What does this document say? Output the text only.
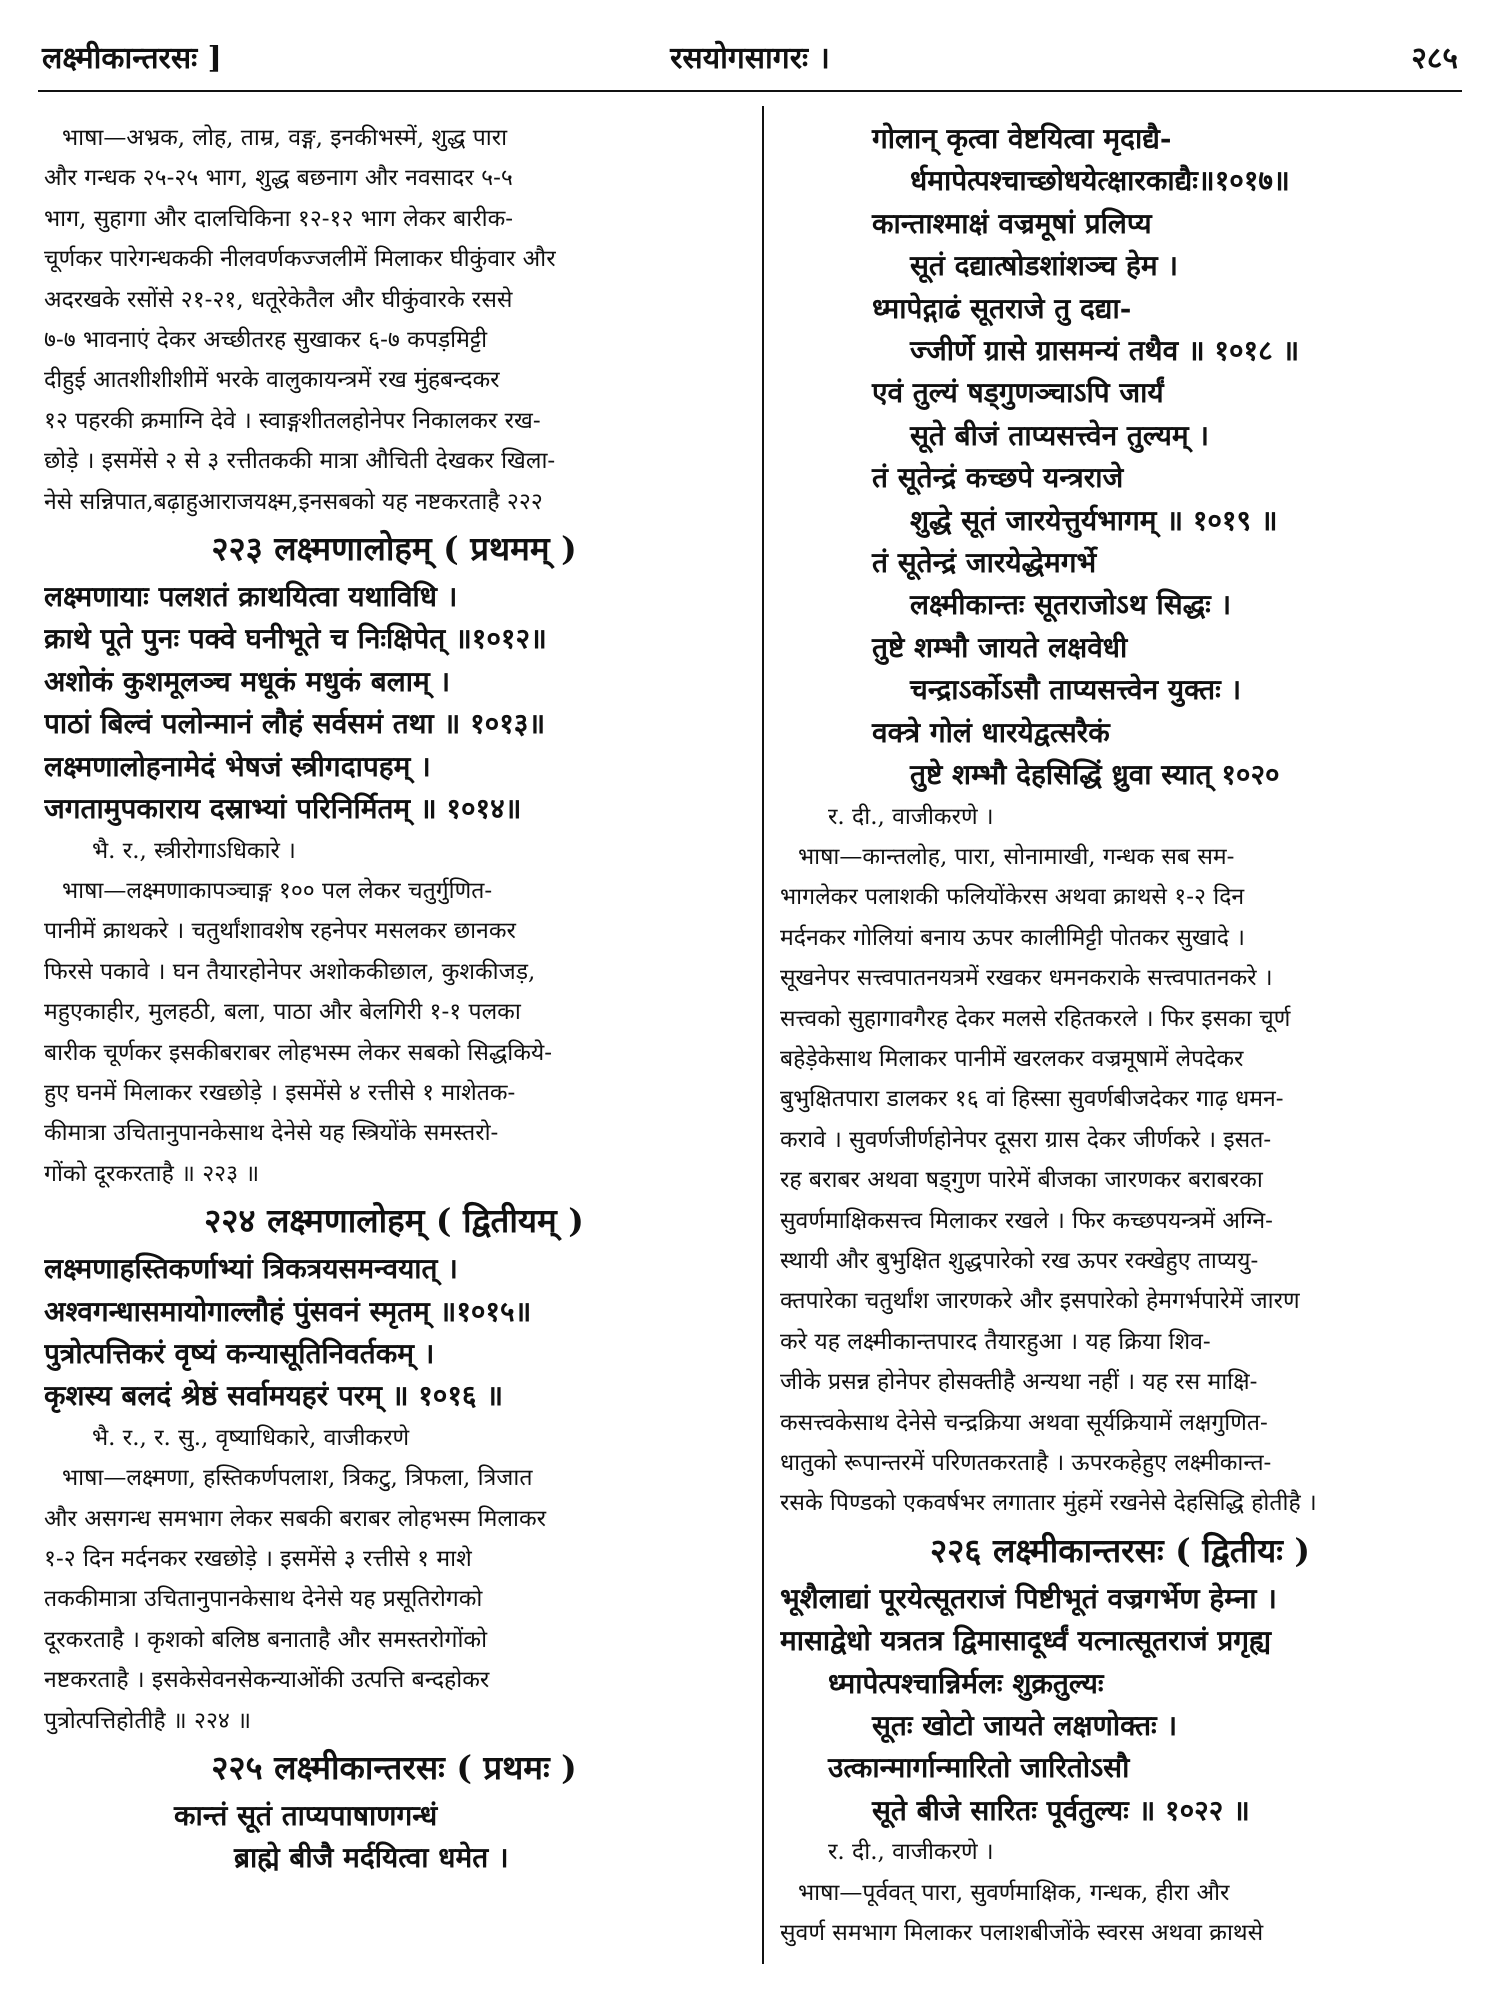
लक्ष्मीकान्तरसः ]	रसयोगसागरः ।	२८५
भाषा—अभ्रक, लोह, ताम्र, वङ्ग, इनकीभस्में, शुद्ध पारा
और गन्धक २५-२५ भाग, शुद्ध बछनाग और नवसादर ५-५
भाग, सुहागा और दालचिकिना १२-१२ भाग लेकर बारीक-
चूर्णकर पारेगन्धककी नीलवर्णकज्जलीमें मिलाकर घीकुंवार और
अदरखके रसोंसे २१-२१, धतूरेकेतैल और घीकुंवारके रससे
७-७ भावनाएं देकर अच्छीतरह सुखाकर ६-७ कपड़मिट्टी
दीहुई आतशीशीशीमें भरके वालुकायन्त्रमें रख मुंहबन्दकर
१२ पहरकी क्रमाग्नि देवे । स्वाङ्गशीतलहोनेपर निकालकर रख-
छोड़े । इसमेंसे २ से ३ रत्तीतककी मात्रा औचिती देखकर खिला-
नेसे सन्निपात,बढ़ाहुआराजयक्ष्म,इनसबको यह नष्टकरताहै २२२
२२३ लक्ष्मणालोहम् ( प्रथमम् )
लक्ष्मणायाः पलशतं क्राथयित्वा यथाविधि ।
क्राथे पूते पुनः पक्वे घनीभूते च निःक्षिपेत् ॥१०१२॥
अशोकं कुशमूलञ्च मधूकं मधुकं बलाम् ।
पाठां बिल्वं पलोन्मानं लौहं सर्वसमं तथा ॥ १०१३॥
लक्ष्मणालोहनामेदं भेषजं स्त्रीगदापहम् ।
जगतामुपकाराय दस्राभ्यां परिनिर्मितम् ॥ १०१४॥
भै. र., स्त्रीरोगाऽधिकारे ।
भाषा—लक्ष्मणाकापञ्चाङ्ग १०० पल लेकर चतुर्गुणित-
पानीमें क्राथकरे । चतुर्थांशावशेष रहनेपर मसलकर छानकर
फिरसे पकावे । घन तैयारहोनेपर अशोककीछाल, कुशकीजड़,
महुएकाहीर, मुलहठी, बला, पाठा और बेलगिरी १-१ पलका
बारीक चूर्णकर इसकीबराबर लोहभस्म लेकर सबको सिद्धकिये-
हुए घनमें मिलाकर रखछोड़े । इसमेंसे ४ रत्तीसे १ माशेतक-
कीमात्रा उचितानुपानकेसाथ देनेसे यह स्त्रियोंके समस्तरो-
गोंको दूरकरताहै ॥ २२३ ॥
२२४ लक्ष्मणालोहम् ( द्वितीयम् )
लक्ष्मणाहस्तिकर्णाभ्यां त्रिकत्रयसमन्वयात् ।
अश्वगन्धासमायोगाल्लौहं पुंसवनं स्मृतम् ॥१०१५॥
पुत्रोत्पत्तिकरं वृष्यं कन्यासूतिनिवर्तकम् ।
कृशस्य बलदं श्रेष्ठं सर्वामयहरं परम् ॥ १०१६ ॥
भै. र., र. सु., वृष्याधिकारे, वाजीकरणे
भाषा—लक्ष्मणा, हस्तिकर्णपलाश, त्रिकटु, त्रिफला, त्रिजात
और असगन्ध समभाग लेकर सबकी बराबर लोहभस्म मिलाकर
१-२ दिन मर्दनकर रखछोड़े । इसमेंसे ३ रत्तीसे १ माशे
तककीमात्रा उचितानुपानकेसाथ देनेसे यह प्रसूतिरोगको
दूरकरताहै । कृशको बलिष्ठ बनाताहै और समस्तरोगोंको
नष्टकरताहै । इसकेसेवनसेकन्याओंकी उत्पत्ति बन्दहोकर
पुत्रोत्पत्तिहोतीहै ॥ २२४ ॥
२२५ लक्ष्मीकान्तरसः ( प्रथमः )
कान्तं सूतं ताप्यपाषाणगन्धं
ब्राह्मे बीजै मर्दयित्वा धमेत ।
गोलान् कृत्वा वेष्टयित्वा मृदाद्यै-
र्धमापेत्पश्चाच्छोधयेत्क्षारकाद्यैः॥१०१७॥
कान्ताश्माक्षं वज्रमूषां प्रलिप्य
सूतं दद्यात्षोडशांशञ्च हेम ।
ध्मापेद्गाढं सूतराजे तु दद्या-
ज्जीर्णे ग्रासे ग्रासमन्यं तथैव ॥ १०१८ ॥
एवं तुल्यं षड्गुणञ्चाऽपि जार्यं
सूते बीजं ताप्यसत्त्वेन तुल्यम् ।
तं सूतेन्द्रं कच्छपे यन्त्रराजे
शुद्धे सूतं जारयेत्तुर्यभागम् ॥ १०१९ ॥
तं सूतेन्द्रं जारयेद्धेमगर्भे
लक्ष्मीकान्तः सूतराजोऽथ सिद्धः ।
तुष्टे शम्भौ जायते लक्षवेधी
चन्द्राऽर्कोऽसौ ताप्यसत्त्वेन युक्तः ।
वक्त्रे गोलं धारयेद्वत्सरैकं
तुष्टे शम्भौ देहसिद्धिं ध्रुवा स्यात् १०२०
र. दी., वाजीकरणे ।
भाषा—कान्तलोह, पारा, सोनामाखी, गन्धक सब सम-
भागलेकर पलाशकी फलियोंकेरस अथवा क्राथसे १-२ दिन
मर्दनकर गोलियां बनाय ऊपर कालीमिट्टी पोतकर सुखादे ।
सूखनेपर सत्त्वपातनयत्रमें रखकर धमनकराके सत्त्वपातनकरे ।
सत्त्वको सुहागावगैरह देकर मलसे रहितकरले । फिर इसका चूर्ण
बहेड़ेकेसाथ मिलाकर पानीमें खरलकर वज्रमूषामें लेपदेकर
बुभुक्षितपारा डालकर १६ वां हिस्सा सुवर्णबीजदेकर गाढ़ धमन-
करावे । सुवर्णजीर्णहोनेपर दूसरा ग्रास देकर जीर्णकरे । इसत-
रह बराबर अथवा षड्गुण पारेमें बीजका जारणकर बराबरका
सुवर्णमाक्षिकसत्त्व मिलाकर रखले । फिर कच्छपयन्त्रमें अग्नि-
स्थायी और बुभुक्षित शुद्धपारेको रख ऊपर रक्खेहुए ताप्ययु-
क्तपारेका चतुर्थांश जारणकरे और इसपारेको हेमगर्भपारेमें जारण
करे यह लक्ष्मीकान्तपारद तैयारहुआ । यह क्रिया शिव-
जीके प्रसन्न होनेपर होसक्तीहै अन्यथा नहीं । यह रस माक्षि-
कसत्त्वकेसाथ देनेसे चन्द्रक्रिया अथवा सूर्यक्रियामें लक्षगुणित-
धातुको रूपान्तरमें परिणतकरताहै । ऊपरकहेहुए लक्ष्मीकान्त-
रसके पिण्डको एकवर्षभर लगातार मुंहमें रखनेसे देहसिद्धि होतीहै ।
२२६ लक्ष्मीकान्तरसः ( द्वितीयः )
भूशैलाद्यां पूरयेत्सूतराजं पिष्टीभूतं वज्रगर्भेण हेम्ना ।
मासाद्वेधो यत्रतत्र द्विमासादूर्ध्वं यत्नात्सूतराजं प्रगृह्य
ध्मापेत्पश्चान्निर्मलः शुक्रतुल्यः
सूतः खोटो जायते लक्षणोक्तः ।
उत्कान्मार्गान्मारितो जारितोऽसौ
सूते बीजे सारितः पूर्वतुल्यः ॥ १०२२ ॥
र. दी., वाजीकरणे ।
भाषा—पूर्ववत् पारा, सुवर्णमाक्षिक, गन्धक, हीरा और
सुवर्ण समभाग मिलाकर पलाशबीजोंके स्वरस अथवा क्राथसे
